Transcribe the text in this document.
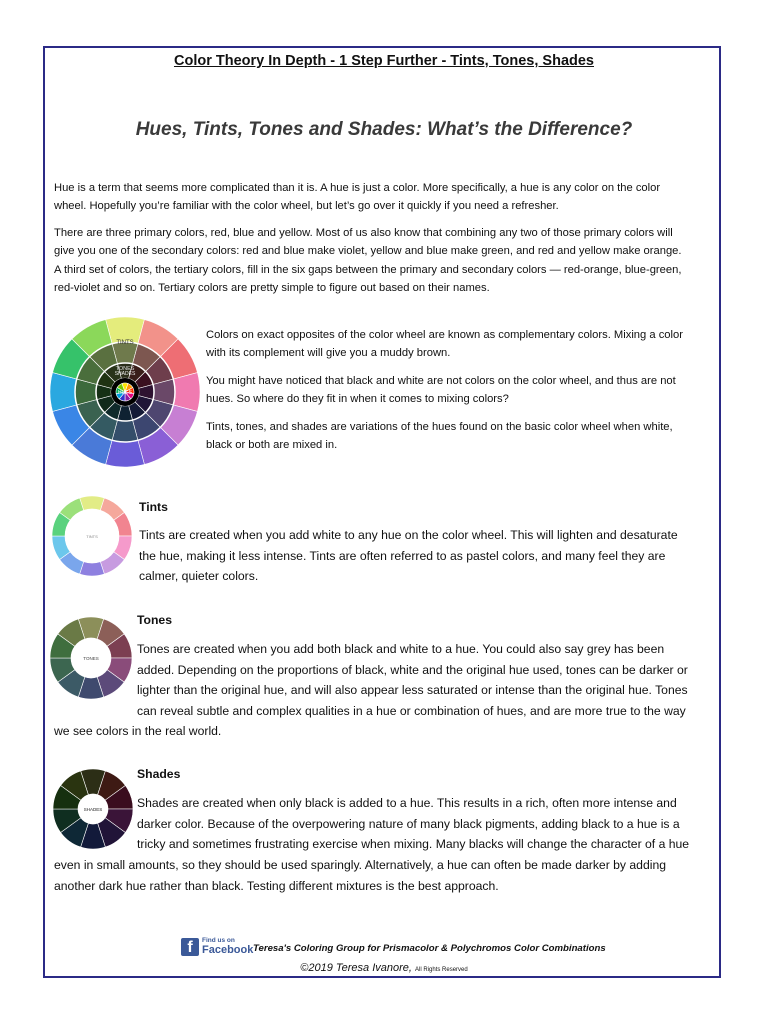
Color Theory In Depth - 1 Step Further - Tints, Tones, Shades
Hues, Tints, Tones and Shades: What’s the Difference?
Hue is a term that seems more complicated than it is. A hue is just a color. More specifically, a hue is any color on the color
wheel. Hopefully you’re familiar with the color wheel, but let’s go over it quickly if you need a refresher.
There are three primary colors, red, blue and yellow. Most of us also know that combining any two of those primary colors will
give you one of the secondary colors: red and blue make violet, yellow and blue make green, and red and yellow make orange.
A third set of colors, the tertiary colors, fill in the six gaps between the primary and secondary colors — red-orange, blue-green,
red-violet and so on. Tertiary colors are pretty simple to figure out based on their names.
TINTS
TONES
SHADES
HUES
Colors on exact opposites of the color wheel are known as complementary colors. Mixing a color
with its complement will give you a muddy brown.
You might have noticed that black and white are not colors on the color wheel, and thus are not
hues. So where do they fit in when it comes to mixing colors?
Tints, tones, and shades are variations of the hues found on the basic color wheel when white,
black or both are mixed in.
TINTS
Tints
Tints are created when you add white to any hue on the color wheel. This will lighten and desaturate
the hue, making it less intense. Tints are often referred to as pastel colors, and many feel they are
calmer, quieter colors.
TONES
Tones
Tones are created when you add both black and white to a hue. You could also say grey has been
added. Depending on the proportions of black, white and the original hue used, tones can be darker or
lighter than the original hue, and will also appear less saturated or intense than the original hue. Tones
can reveal subtle and complex qualities in a hue or combination of hues, and are more true to the way
we see colors in the real world.
SHADES
Shades
Shades are created when only black is added to a hue. This results in a rich, often more intense and
darker color. Because of the overpowering nature of many black pigments, adding black to a hue is a
tricky and sometimes frustrating exercise when mixing. Many blacks will change the character of a hue
even in small amounts, so they should be used sparingly. Alternatively, a hue can often be made darker by adding
another dark hue rather than black. Testing different mixtures is the best approach.
f	Find us on
Facebook Teresa's Coloring Group for Prismacolor & Polychromos Color Combinations
©2019 Teresa Ivanore, All Rights Reserved
